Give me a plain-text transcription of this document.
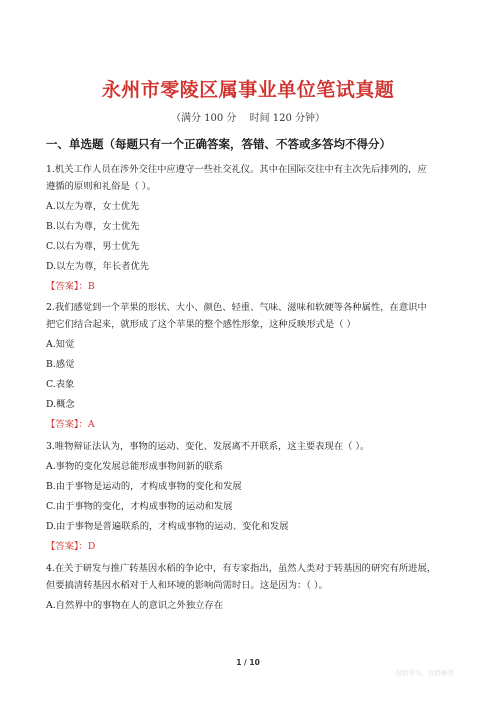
永州市零陵区属事业单位笔试真题
（满分 100 分　 时间 120 分钟）
一、单选题（每题只有一个正确答案，答错、不答或多答均不得分）
1.机关工作人员在涉外交往中应遵守一些社交礼仪。其中在国际交往中有主次先后排列的，应
遵循的原则和礼俗是（ ）。
A.以左为尊，女士优先
B.以右为尊，女士优先
C.以右为尊，男士优先
D.以左为尊，年长者优先
【答案】：B
2.我们感觉到一个苹果的形状、大小、颜色、轻重、气味、滋味和软硬等各种属性，在意识中
把它们结合起来，就形成了这个苹果的整个感性形象，这种反映形式是（ ）
A.知觉
B.感觉
C.表象
D.概念
【答案】：A
3.唯物辩证法认为，事物的运动、变化、发展离不开联系，这主要表现在（ ）。
A.事物的变化发展总能形成事物间新的联系
B.由于事物是运动的，才构成事物的变化和发展
C.由于事物的变化，才构成事物的运动和发展
D.由于事物是普遍联系的，才构成事物的运动、变化和发展
【答案】：D
4.在关于研发与推广转基因水稻的争论中，有专家指出，虽然人类对于转基因的研究有所进展，
但要搞清转基因水稻对于人和环境的影响尚需时日。这是因为：（ ）。
A.自然界中的事物在人的意识之外独立存在
1 / 10
仅供学习，仅供参考
